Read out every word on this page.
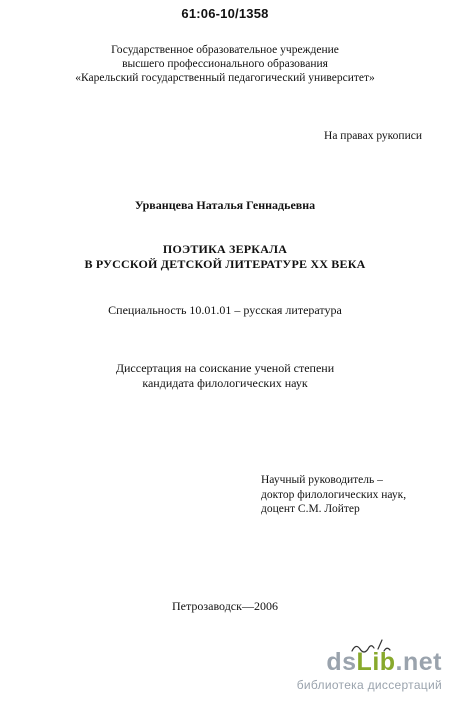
61:06-10/1358
Государственное образовательное учреждение
высшего профессионального образования
«Карельский государственный педагогический университет»
На правах рукописи
Урванцева Наталья Геннадьевна
ПОЭТИКА ЗЕРКАЛА
В РУССКОЙ ДЕТСКОЙ ЛИТЕРАТУРЕ XX ВЕКА
Специальность 10.01.01 – русская литература
Диссертация на соискание ученой степени
кандидата филологических наук
Научный руководитель –
доктор филологических наук,
доцент С.М. Лойтер
Петрозаводск—2006
dsLib.net
библиотека диссертаций
